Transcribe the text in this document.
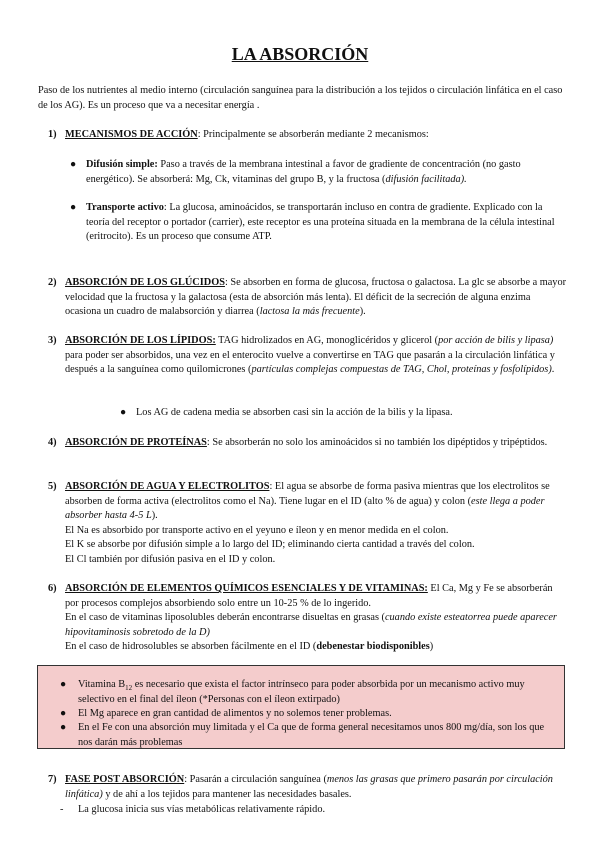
LA ABSORCIÓN
Paso de los nutrientes al medio interno (circulación sanguínea para la distribución a los tejidos o circulación linfática en el caso de los AG). Es un proceso que va a necesitar energía .
1) MECANISMOS DE ACCIÓN: Principalmente se absorberán mediante 2 mecanismos:
● Difusión simple: Paso a través de la membrana intestinal a favor de gradiente de concentración (no gasto energético). Se absorberá: Mg, Ck, vitaminas del grupo B, y la fructosa (difusión facilitada).
● Transporte activo: La glucosa, aminoácidos, se transportarán incluso en contra de gradiente. Explicado con la teoría del receptor o portador (carrier), este receptor es una proteína situada en la membrana de la célula intestinal (eritrocito). Es un proceso que consume ATP.
2) ABSORCIÓN DE LOS GLÚCIDOS: Se absorben en forma de glucosa, fructosa o galactosa. La glc se absorbe a mayor velocidad que la fructosa y la galactosa (esta de absorción más lenta). El déficit de la secreción de alguna enzima ocasiona un cuadro de malabsorción y diarrea (lactosa la más frecuente).
3) ABSORCIÓN DE LOS LÍPIDOS: TAG hidrolizados en AG, monoglicéridos y glicerol (por acción de bilis y lipasa) para poder ser absorbidos, una vez en el enterocito vuelve a convertirse en TAG que pasarán a la circulación linfática y después a la sanguínea como quilomicrones (partículas complejas compuestas de TAG, Chol, proteínas y fosfolípidos).
● Los AG de cadena media se absorben casi sin la acción de la bilis y la lipasa.
4) ABSORCIÓN DE PROTEÍNAS: Se absorberán no solo los aminoácidos si no también los dipéptidos y tripéptidos.
5) ABSORCIÓN DE AGUA Y ELECTROLITOS: El agua se absorbe de forma pasiva mientras que los electrolitos se absorben de forma activa (electrolitos como el Na). Tiene lugar en el ID (alto % de agua) y colon (este llega a poder absorber hasta 4-5 L).
El Na es absorbido por transporte activo en el yeyuno e íleon y en menor medida en el colon.
El K se absorbe por difusión simple a lo largo del ID; eliminando cierta cantidad a través del colon.
El Cl también por difusión pasiva en el ID y colon.
6) ABSORCIÓN DE ELEMENTOS QUÍMICOS ESENCIALES Y DE VITAMINAS: El Ca, Mg y Fe se absorberán por procesos complejos absorbiendo solo entre un 10-25 % de lo ingerido.
En el caso de vitaminas liposolubles deberán encontrarse disueltas en grasas (cuando existe esteatorrea puede aparecer hipovitaminosis sobretodo de la D)
En el caso de hidrosolubles se absorben fácilmente en el ID (debenestar biodisponibles)
● Vitamina $B_{12}$ es necesario que exista el factor intrínseco para poder absorbida por un mecanismo activo muy selectivo en el final del íleon (*Personas con el íleon extirpado)
● El Mg aparece en gran cantidad de alimentos y no solemos tener problemas.
● En el Fe con una absorción muy limitada y el Ca que de forma general necesitamos unos 800 mg/día, son los que nos darán más problemas
7) FASE POST ABSORCIÓN: Pasarán a circulación sanguínea (menos las grasas que primero pasarán por circulación linfática) y de ahí a los tejidos para mantener las necesidades basales.
- La glucosa inicia sus vías metabólicas relativamente rápido.
